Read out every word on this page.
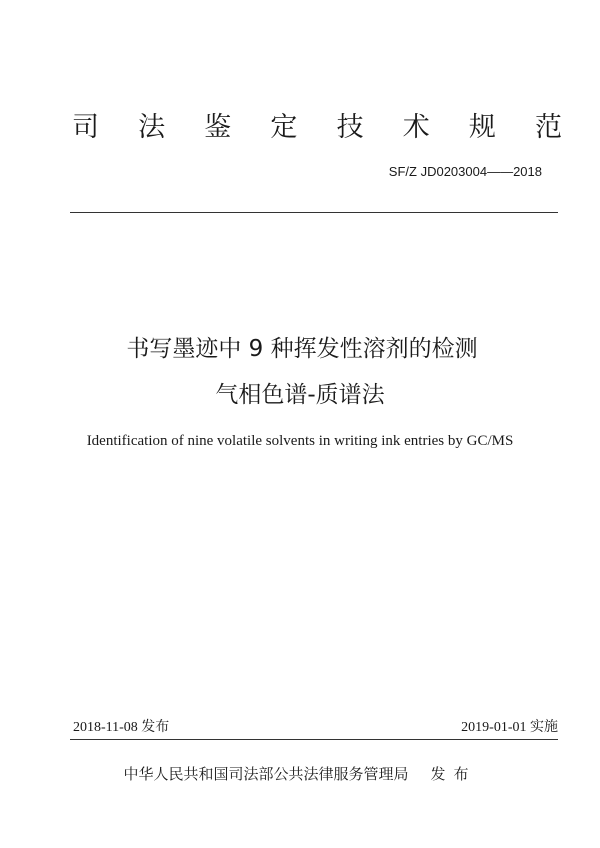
司 法 鉴 定 技 术 规 范
SF/Z JD0203004——2018
书写墨迹中 9 种挥发性溶剂的检测
气相色谱-质谱法
Identification of nine volatile solvents in writing ink entries by GC/MS
2018-11-08 发布	2019-01-01 实施
中华人民共和国司法部公共法律服务管理局 发布
